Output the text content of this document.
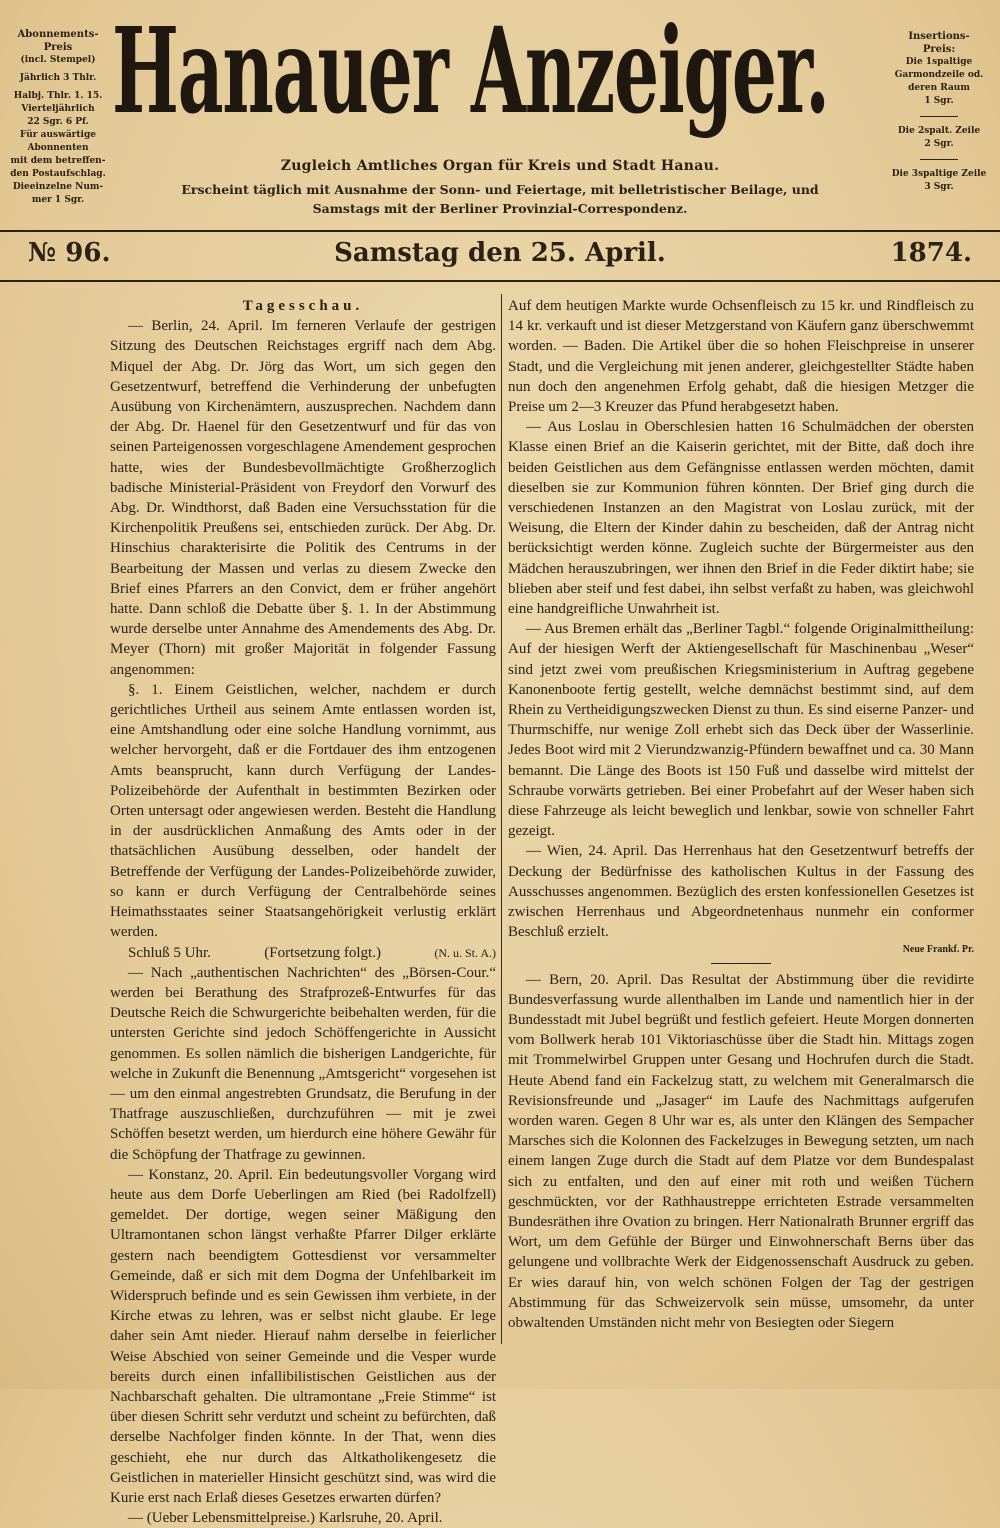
Abonnements-
Preis
(incl. Stempel)
Jährlich 3 Thlr.
Halbj. Thlr. 1. 15.
Vierteljährlich
22 Sgr. 6 Pf.
Für auswärtige
Abonnenten
mit dem betreffen-
den Postaufschlag.
Dieeinzelne Num-
mer 1 Sgr.
Hanauer Anzeiger.	Insertions-
Preis:
Die 1spaltige
Garmondzeile od.
deren Raum
1 Sgr.
Die 2spalt. Zeile
2 Sgr.
Die 3spaltige Zeile
3 Sgr.
Zugleich Amtliches Organ für Kreis und Stadt Hanau.
Erscheint täglich mit Ausnahme der Sonn- und Feiertage, mit belletristischer Beilage, und Samstags mit der Berliner Provinzial-Correspondenz.
№ 96.	Samstag den 25. April.	1874.

Tagesschau.

— Berlin, 24. April. Im ferneren Verlaufe der gestrigen Sitzung des Deutschen Reichstages ergriff nach dem Abg. Miquel der Abg. Dr. Jörg das Wort, um sich gegen den Gesetzentwurf, betreffend die Verhinderung der unbefugten Ausübung von Kirchenämtern, auszusprechen. Nachdem dann der Abg. Dr. Haenel für den Gesetzentwurf und für das von seinen Parteigenossen vorgeschlagene Amendement gesprochen hatte, wies der Bundesbevollmächtigte Großherzoglich badische Ministerial-Präsident von Freydorf den Vorwurf des Abg. Dr. Windthorst, daß Baden eine Versuchsstation für die Kirchenpolitik Preußens sei, entschieden zurück. Der Abg. Dr. Hinschius charakterisirte die Politik des Centrums in der Bearbeitung der Massen und verlas zu diesem Zwecke den Brief eines Pfarrers an den Convict, dem er früher angehört hatte. Dann schloß die Debatte über §. 1. In der Abstimmung wurde derselbe unter Annahme des Amendements des Abg. Dr. Meyer (Thorn) mit großer Majorität in folgender Fassung angenommen:

§. 1. Einem Geistlichen, welcher, nachdem er durch gerichtliches Urtheil aus seinem Amte entlassen worden ist, eine Amtshandlung oder eine solche Handlung vornimmt, aus welcher hervorgeht, daß er die Fortdauer des ihm entzogenen Amts beansprucht, kann durch Verfügung der Landes-Polizeibehörde der Aufenthalt in bestimmten Bezirken oder Orten untersagt oder angewiesen werden. Besteht die Handlung in der ausdrücklichen Anmaßung des Amts oder in der thatsächlichen Ausübung desselben, oder handelt der Betreffende der Verfügung der Landes-Polizeibehörde zuwider, so kann er durch Verfügung der Centralbehörde seines Heimathsstaates seiner Staatsangehörigkeit verlustig erklärt werden.

Schluß 5 Uhr.	(Fortsetzung folgt.)	(N. u. St. A.)

— Nach „authentischen Nachrichten“ des „Börsen-Cour.“ werden bei Berathung des Strafprozeß-Entwurfes für das Deutsche Reich die Schwurgerichte beibehalten werden, für die untersten Gerichte sind jedoch Schöffengerichte in Aussicht genommen. Es sollen nämlich die bisherigen Landgerichte, für welche in Zukunft die Benennung „Amtsgericht“ vorgesehen ist — um den einmal angestrebten Grundsatz, die Berufung in der Thatfrage auszuschließen, durchzuführen — mit je zwei Schöffen besetzt werden, um hierdurch eine höhere Gewähr für die Schöpfung der Thatfrage zu gewinnen.

— Konstanz, 20. April. Ein bedeutungsvoller Vorgang wird heute aus dem Dorfe Ueberlingen am Ried (bei Radolfzell) gemeldet. Der dortige, wegen seiner Mäßigung den Ultramontanen schon längst verhaßte Pfarrer Dilger erklärte gestern nach beendigtem Gottesdienst vor versammelter Gemeinde, daß er sich mit dem Dogma der Unfehlbarkeit im Widerspruch befinde und es sein Gewissen ihm verbiete, in der Kirche etwas zu lehren, was er selbst nicht glaube. Er lege daher sein Amt nieder. Hierauf nahm derselbe in feierlicher Weise Abschied von seiner Gemeinde und die Vesper wurde bereits durch einen infallibilistischen Geistlichen aus der Nachbarschaft gehalten. Die ultramontane „Freie Stimme“ ist über diesen Schritt sehr verdutzt und scheint zu befürchten, daß derselbe Nachfolger finden könnte. In der That, wenn dies geschieht, ehe nur durch das Altkatholikengesetz die Geistlichen in materieller Hinsicht geschützt sind, was wird die Kurie erst nach Erlaß dieses Gesetzes erwarten dürfen?

— (Ueber Lebensmittelpreise.) Karlsruhe, 20. April.

Auf dem heutigen Markte wurde Ochsenfleisch zu 15 kr. und Rindfleisch zu 14 kr. verkauft und ist dieser Metzgerstand von Käufern ganz überschwemmt worden. — Baden. Die Artikel über die so hohen Fleischpreise in unserer Stadt, und die Vergleichung mit jenen anderer, gleichgestellter Städte haben nun doch den angenehmen Erfolg gehabt, daß die hiesigen Metzger die Preise um 2—3 Kreuzer das Pfund herabgesetzt haben.

— Aus Loslau in Oberschlesien hatten 16 Schulmädchen der obersten Klasse einen Brief an die Kaiserin gerichtet, mit der Bitte, daß doch ihre beiden Geistlichen aus dem Gefängnisse entlassen werden möchten, damit dieselben sie zur Kommunion führen könnten. Der Brief ging durch die verschiedenen Instanzen an den Magistrat von Loslau zurück, mit der Weisung, die Eltern der Kinder dahin zu bescheiden, daß der Antrag nicht berücksichtigt werden könne. Zugleich suchte der Bürgermeister aus den Mädchen herauszubringen, wer ihnen den Brief in die Feder diktirt habe; sie blieben aber steif und fest dabei, ihn selbst verfaßt zu haben, was gleichwohl eine handgreifliche Unwahrheit ist.

— Aus Bremen erhält das „Berliner Tagbl.“ folgende Originalmittheilung: Auf der hiesigen Werft der Aktiengesellschaft für Maschinenbau „Weser“ sind jetzt zwei vom preußischen Kriegsministerium in Auftrag gegebene Kanonenboote fertig gestellt, welche demnächst bestimmt sind, auf dem Rhein zu Vertheidigungszwecken Dienst zu thun. Es sind eiserne Panzer- und Thurmschiffe, nur wenige Zoll erhebt sich das Deck über der Wasserlinie. Jedes Boot wird mit 2 Vierundzwanzig-Pfündern bewaffnet und ca. 30 Mann bemannt. Die Länge des Boots ist 150 Fuß und dasselbe wird mittelst der Schraube vorwärts getrieben. Bei einer Probefahrt auf der Weser haben sich diese Fahrzeuge als leicht beweglich und lenkbar, sowie von schneller Fahrt gezeigt.

— Wien, 24. April. Das Herrenhaus hat den Gesetzentwurf betreffs der Deckung der Bedürfnisse des katholischen Kultus in der Fassung des Ausschusses angenommen. Bezüglich des ersten konfessionellen Gesetzes ist zwischen Herrenhaus und Abgeordnetenhaus nunmehr ein conformer Beschluß erzielt.

Neue Frankf. Pr.

— Bern, 20. April. Das Resultat der Abstimmung über die revidirte Bundesverfassung wurde allenthalben im Lande und namentlich hier in der Bundesstadt mit Jubel begrüßt und festlich gefeiert. Heute Morgen donnerten vom Bollwerk herab 101 Viktoriaschüsse über die Stadt hin. Mittags zogen mit Trommelwirbel Gruppen unter Gesang und Hochrufen durch die Stadt. Heute Abend fand ein Fackelzug statt, zu welchem mit Generalmarsch die Revisionsfreunde und „Jasager“ im Laufe des Nachmittags aufgerufen worden waren. Gegen 8 Uhr war es, als unter den Klängen des Sempacher Marsches sich die Kolonnen des Fackelzuges in Bewegung setzten, um nach einem langen Zuge durch die Stadt auf dem Platze vor dem Bundespalast sich zu entfalten, und den auf einer mit roth und weißen Tüchern geschmückten, vor der Rathhaustreppe errichteten Estrade versammelten Bundesräthen ihre Ovation zu bringen. Herr Nationalrath Brunner ergriff das Wort, um dem Gefühle der Bürger und Einwohnerschaft Berns über das gelungene und vollbrachte Werk der Eidgenossenschaft Ausdruck zu geben. Er wies darauf hin, von welch schönen Folgen der Tag der gestrigen Abstimmung für das Schweizervolk sein müsse, umsomehr, da unter obwaltenden Umständen nicht mehr von Besiegten oder Siegern
